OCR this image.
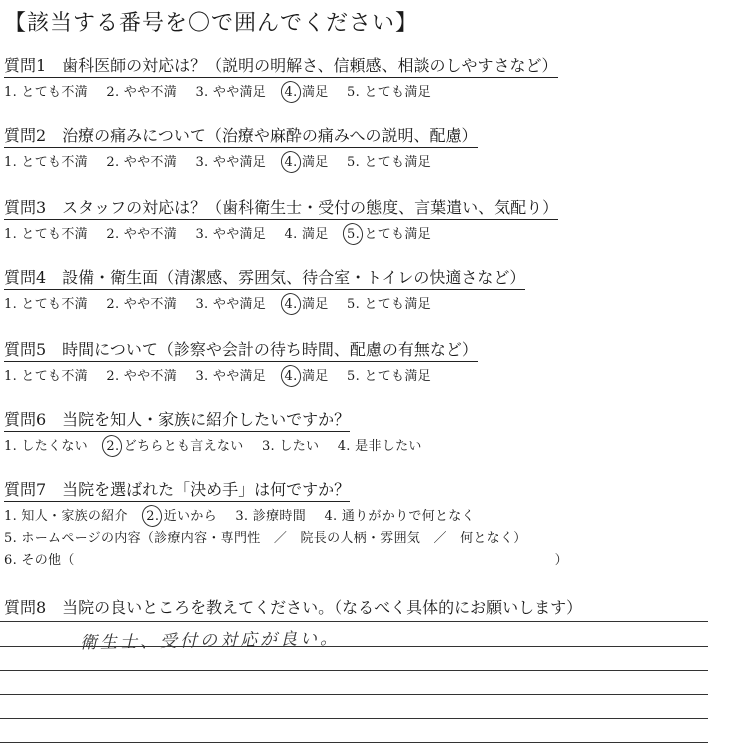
【該当する番号を〇で囲んでください】
質問1　歯科医師の対応は？（説明の明解さ、信頼感、相談のしやすさなど）
1. とても不満 2. やや不満 3. やや満足 4. 満足 5. とても満足
質問2　治療の痛みについて（治療や麻酔の痛みへの説明、配慮）
1. とても不満 2. やや不満 3. やや満足 4. 満足 5. とても満足
質問3　スタッフの対応は？（歯科衛生士・受付の態度、言葉遣い、気配り）
1. とても不満 2. やや不満 3. やや満足 4. 満足 5. とても満足
質問4　設備・衛生面（清潔感、雰囲気、待合室・トイレの快適さなど）
1. とても不満 2. やや不満 3. やや満足 4. 満足 5. とても満足
質問5　時間について（診察や会計の待ち時間、配慮の有無など）
1. とても不満 2. やや不満 3. やや満足 4. 満足 5. とても満足
質問6　当院を知人・家族に紹介したいですか？
1. したくない 2. どちらとも言えない 3. したい 4. 是非したい
質問7　当院を選ばれた「決め手」は何ですか？
1. 知人・家族の紹介 2. 近いから 3. 診療時間 4. 通りがかりで何となく
5. ホームページの内容（診療内容・専門性　／　院長の人柄・雰囲気　／　何となく）
6. その他（	）
質問8　当院の良いところを教えてください。（なるべく具体的にお願いします）
衛生士、受付の対応が良い。
